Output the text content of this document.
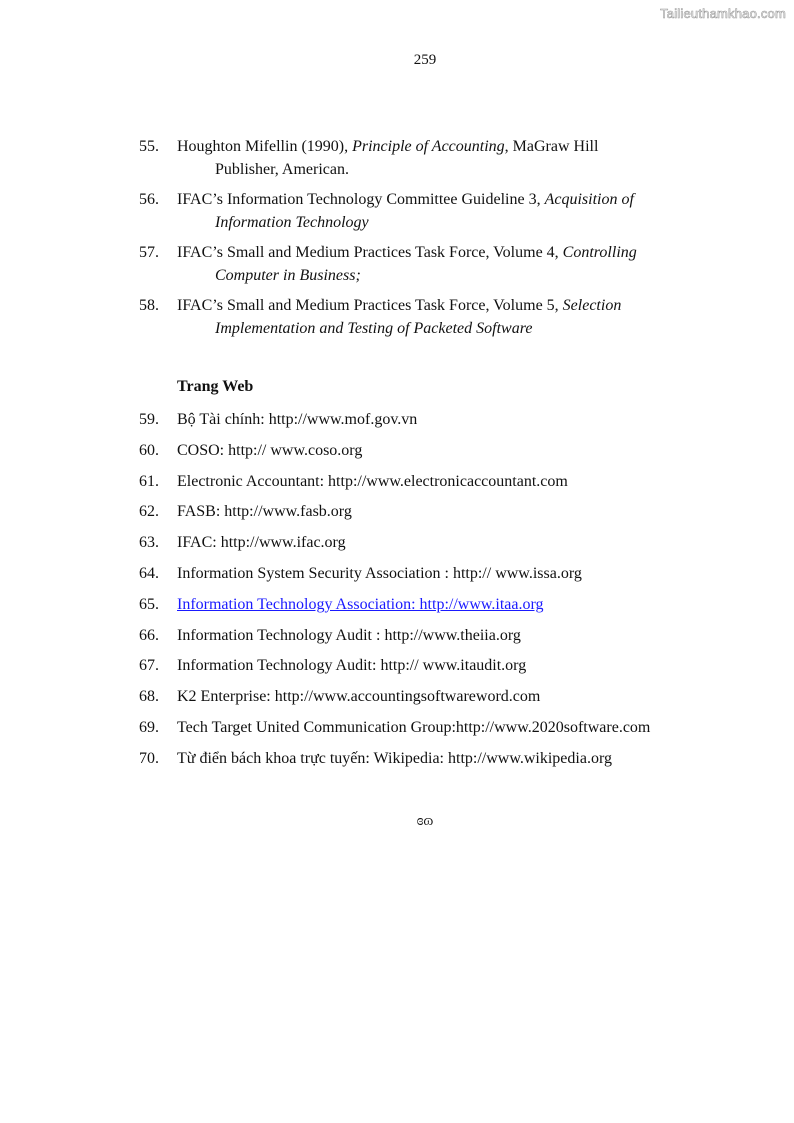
Tailieuthamkhao.com
259
55. Houghton Mifellin (1990), Principle of Accounting, MaGraw Hill
Publisher, American.
56. IFAC’s Information Technology Committee Guideline 3, Acquisition of
Information Technology
57. IFAC’s Small and Medium Practices Task Force, Volume 4, Controlling
Computer in Business;
58. IFAC’s Small and Medium Practices Task Force, Volume 5, Selection
Implementation and Testing of Packeted Software
Trang Web
59. Bộ Tài chính: http://www.mof.gov.vn
60. COSO: http:// www.coso.org
61. Electronic Accountant: http://www.electronicaccountant.com
62. FASB: http://www.fasb.org
63. IFAC: http://www.ifac.org
64. Information System Security Association : http:// www.issa.org
65. Information Technology Association: http://www.itaa.org
66. Information Technology Audit : http://www.theiia.org
67. Information Technology Audit: http:// www.itaudit.org
68. K2 Enterprise: http://www.accountingsoftwareword.com
69. Tech Target United Communication Group:http://www.2020software.com
70. Từ điển bách khoa trực tuyến: Wikipedia: http://www.wikipedia.org
ɞɷ
